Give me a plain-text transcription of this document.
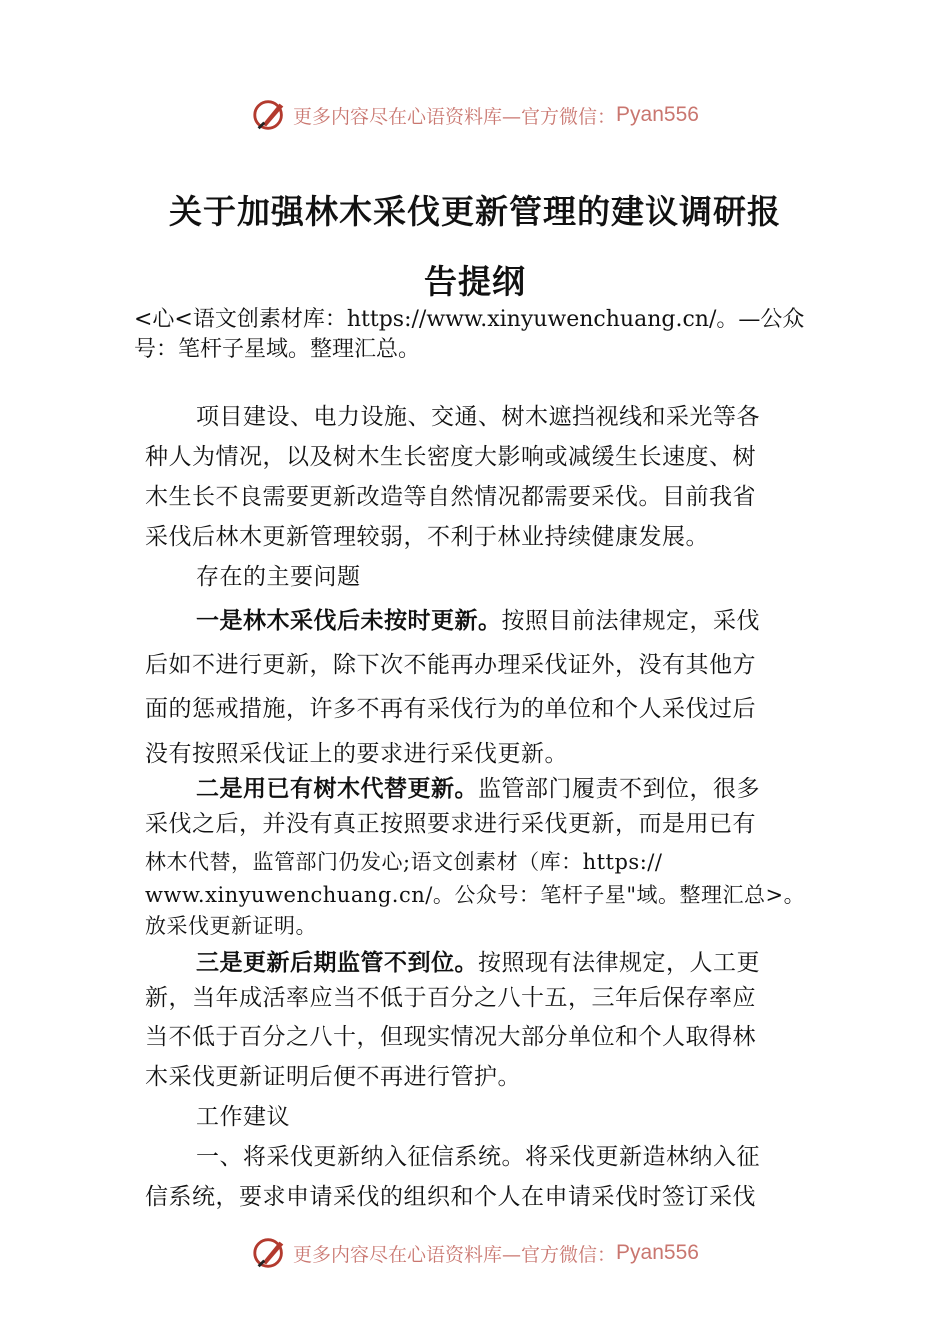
更多内容尽在心语资料库—官方微信： Pyan556
关于加强林木采伐更新管理的建议调研报
告提纲
<心<语文创素材库：https://www.xinyuwenchuang.cn/。—公众号：笔杆子星域。整理汇总。
项目建设、电力设施、交通、树木遮挡视线和采光等各
种人为情况，以及树木生长密度大影响或减缓生长速度、树
木生长不良需要更新改造等自然情况都需要采伐。目前我省
采伐后林木更新管理较弱，不利于林业持续健康发展。
存在的主要问题
一是林木采伐后未按时更新。按照目前法律规定，采伐
后如不进行更新，除下次不能再办理采伐证外，没有其他方
面的惩戒措施，许多不再有采伐行为的单位和个人采伐过后
没有按照采伐证上的要求进行采伐更新。
二是用已有树木代替更新。监管部门履责不到位，很多
采伐之后，并没有真正按照要求进行采伐更新，而是用已有
林木代替，监管部门仍发心;语文创素材（库：https://
www.xinyuwenchuang.cn/。公众号：笔杆子星"域。整理汇总>。
放采伐更新证明。
三是更新后期监管不到位。按照现有法律规定，人工更
新，当年成活率应当不低于百分之八十五，三年后保存率应
当不低于百分之八十，但现实情况大部分单位和个人取得林
木采伐更新证明后便不再进行管护。
工作建议
一、将采伐更新纳入征信系统。将采伐更新造林纳入征
信系统，要求申请采伐的组织和个人在申请采伐时签订采伐
更多内容尽在心语资料库—官方微信： Pyan556
